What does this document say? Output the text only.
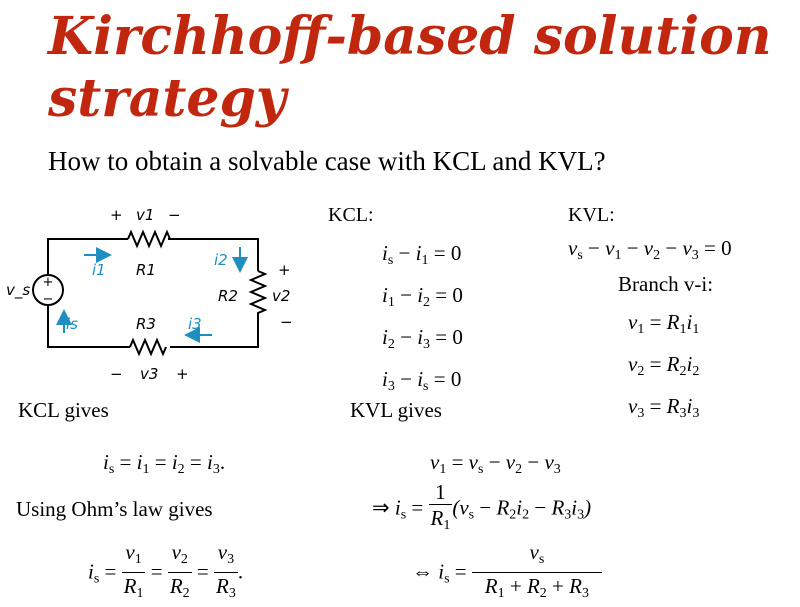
Kirchhoff-based solution strategy
How to obtain a solvable case with KCL and KVL?
+
−
+ v1 −
i1 R1
i2
R2
+
v2
−
R3 i3
is
v_s
− v3 +
KCL:	KVL:
$i_s - i_1 = 0$
$i_1 - i_2 = 0$
$i_2 - i_3 = 0$
$i_3 - i_s = 0$
$v_s - v_1 - v_2 - v_3 = 0$
Branch v-i:
$v_1 = R_1i_1$
$v_2 = R_2i_2$
$v_3 = R_3i_3$
KCL gives	KVL gives
$i_s = i_1 = i_2 = i_3$.	$v_1 = v_s - v_2 - v_3$
Using Ohm’s law gives	⇒ $i_s = \frac{1}{R_1} (v_s - R_2i_2 - R_3i_3)$
$i_s = \frac{v_1}{R_1} = \frac{v_2}{R_2} = \frac{v_3}{R_3}$ .	⇔ $i_s = \frac{v_s}{R_1 + R_2 + R_3}$
